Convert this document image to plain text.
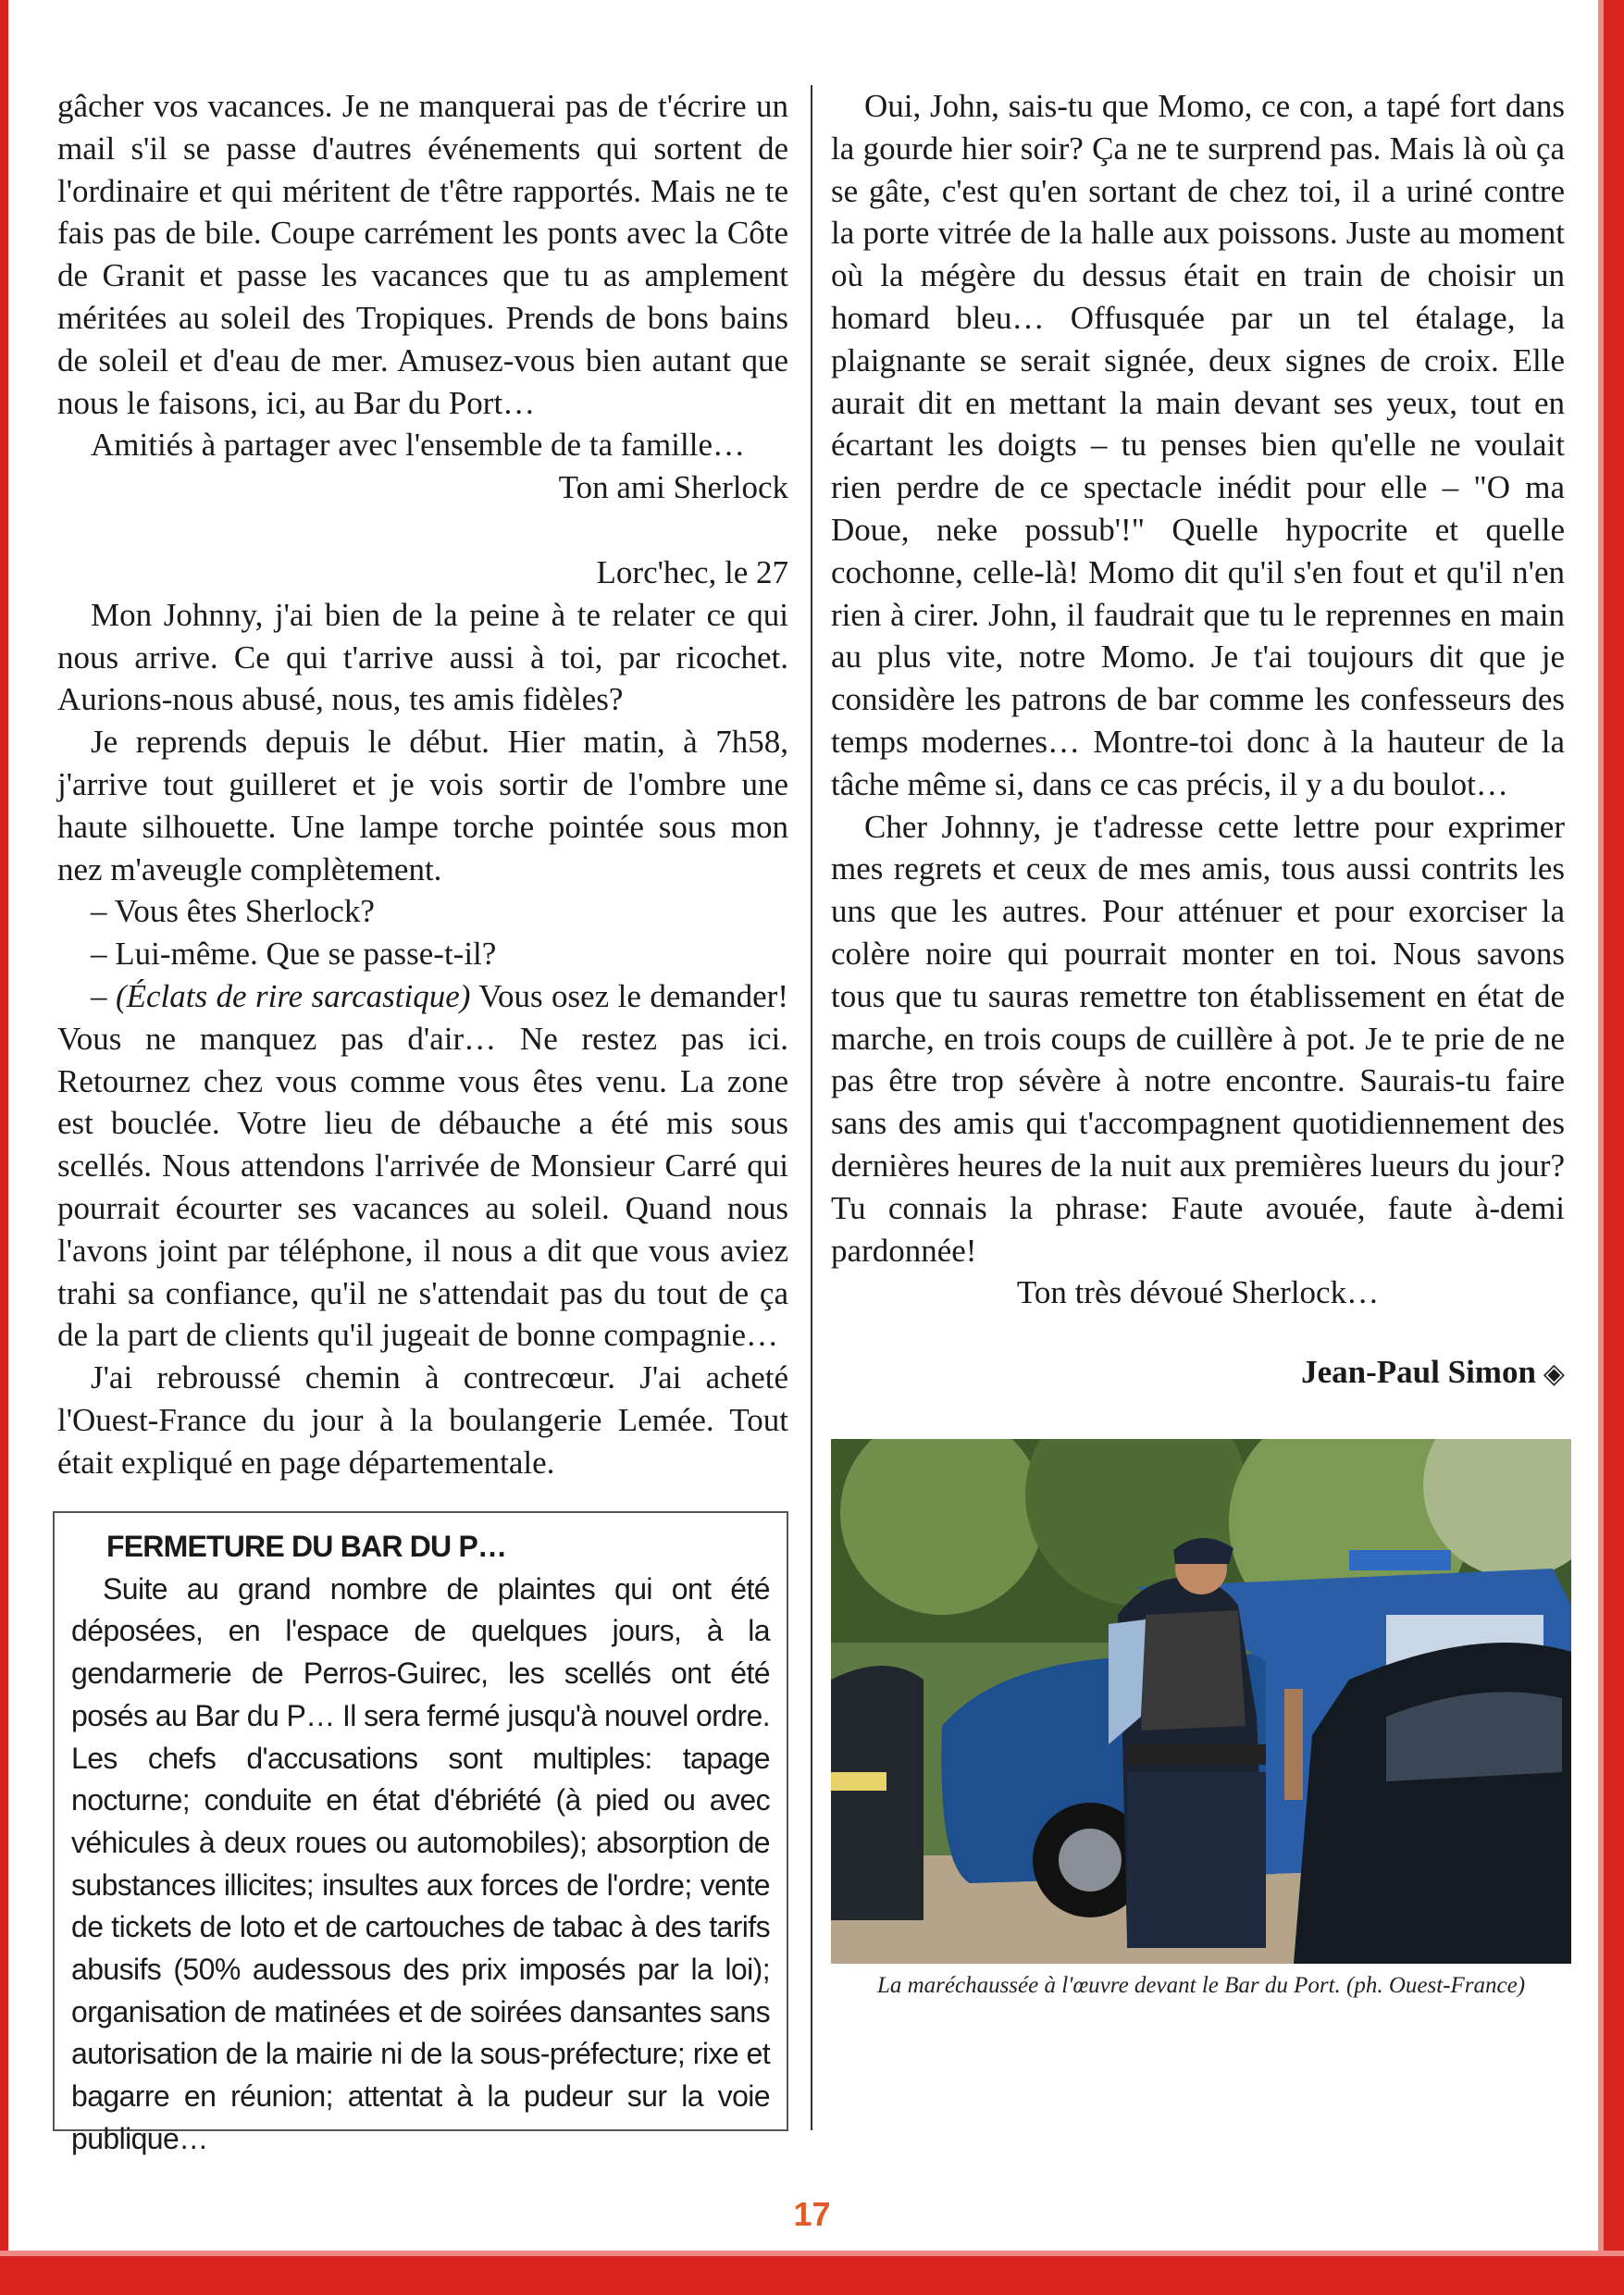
gâcher vos vacances. Je ne manquerai pas de t'écrire un mail s'il se passe d'autres événements qui sortent de l'ordinaire et qui méritent de t'être rapportés. Mais ne te fais pas de bile. Coupe carrément les ponts avec la Côte de Granit et passe les vacances que tu as amplement méritées au soleil des Tropiques. Prends de bons bains de soleil et d'eau de mer. Amusez-vous bien autant que nous le faisons, ici, au Bar du Port…

Amitiés à partager avec l'ensemble de ta famille…

Ton ami Sherlock

Lorc'hec, le 27

Mon Johnny, j'ai bien de la peine à te relater ce qui nous arrive. Ce qui t'arrive aussi à toi, par ricochet. Aurions-nous abusé, nous, tes amis fidèles?

Je reprends depuis le début. Hier matin, à 7h58, j'arrive tout guilleret et je vois sortir de l'ombre une haute silhouette. Une lampe torche pointée sous mon nez m'aveugle complètement.

– Vous êtes Sherlock?

– Lui-même. Que se passe-t-il?

– (Éclats de rire sarcastique) Vous osez le demander! Vous ne manquez pas d'air… Ne restez pas ici. Retournez chez vous comme vous êtes venu. La zone est bouclée. Votre lieu de débauche a été mis sous scellés. Nous attendons l'arrivée de Monsieur Carré qui pourrait écourter ses vacances au soleil. Quand nous l'avons joint par téléphone, il nous a dit que vous aviez trahi sa confiance, qu'il ne s'attendait pas du tout de ça de la part de clients qu'il jugeait de bonne compagnie…

J'ai rebroussé chemin à contrecœur. J'ai acheté l'Ouest-France du jour à la boulangerie Lemée. Tout était expliqué en page départementale.

FERMETURE DU BAR DU P…

Suite au grand nombre de plaintes qui ont été déposées, en l'espace de quelques jours, à la gendarmerie de Perros-Guirec, les scellés ont été posés au Bar du P… Il sera fermé jusqu'à nouvel ordre. Les chefs d'accusations sont multiples: tapage nocturne; conduite en état d'ébriété (à pied ou avec véhicules à deux roues ou automobiles); absorption de substances illicites; insultes aux forces de l'ordre; vente de tickets de loto et de cartouches de tabac à des tarifs abusifs (50% audessous des prix imposés par la loi); organisation de matinées et de soirées dansantes sans autorisation de la mairie ni de la sous-préfecture; rixe et bagarre en réunion; attentat à la pudeur sur la voie publique…

Oui, John, sais-tu que Momo, ce con, a tapé fort dans la gourde hier soir? Ça ne te surprend pas. Mais là où ça se gâte, c'est qu'en sortant de chez toi, il a uriné contre la porte vitrée de la halle aux poissons. Juste au moment où la mégère du dessus était en train de choisir un homard bleu… Offusquée par un tel étalage, la plaignante se serait signée, deux signes de croix. Elle aurait dit en mettant la main devant ses yeux, tout en écartant les doigts – tu penses bien qu'elle ne voulait rien perdre de ce spectacle inédit pour elle – "O ma Doue, neke possub'!" Quelle hypocrite et quelle cochonne, celle-là! Momo dit qu'il s'en fout et qu'il n'en rien à cirer. John, il faudrait que tu le reprennes en main au plus vite, notre Momo. Je t'ai toujours dit que je considère les patrons de bar comme les confesseurs des temps modernes… Montre-toi donc à la hauteur de la tâche même si, dans ce cas précis, il y a du boulot…

Cher Johnny, je t'adresse cette lettre pour exprimer mes regrets et ceux de mes amis, tous aussi contrits les uns que les autres. Pour atténuer et pour exorciser la colère noire qui pourrait monter en toi. Nous savons tous que tu sauras remettre ton établissement en état de marche, en trois coups de cuillère à pot. Je te prie de ne pas être trop sévère à notre encontre. Saurais-tu faire sans des amis qui t'accompagnent quotidiennement des dernières heures de la nuit aux premières lueurs du jour? Tu connais la phrase: Faute avouée, faute à-demi pardonnée!

Ton très dévoué Sherlock…

Jean-Paul Simon ◈

La maréchaussée à l'œuvre devant le Bar du Port. (ph. Ouest-France)
17
